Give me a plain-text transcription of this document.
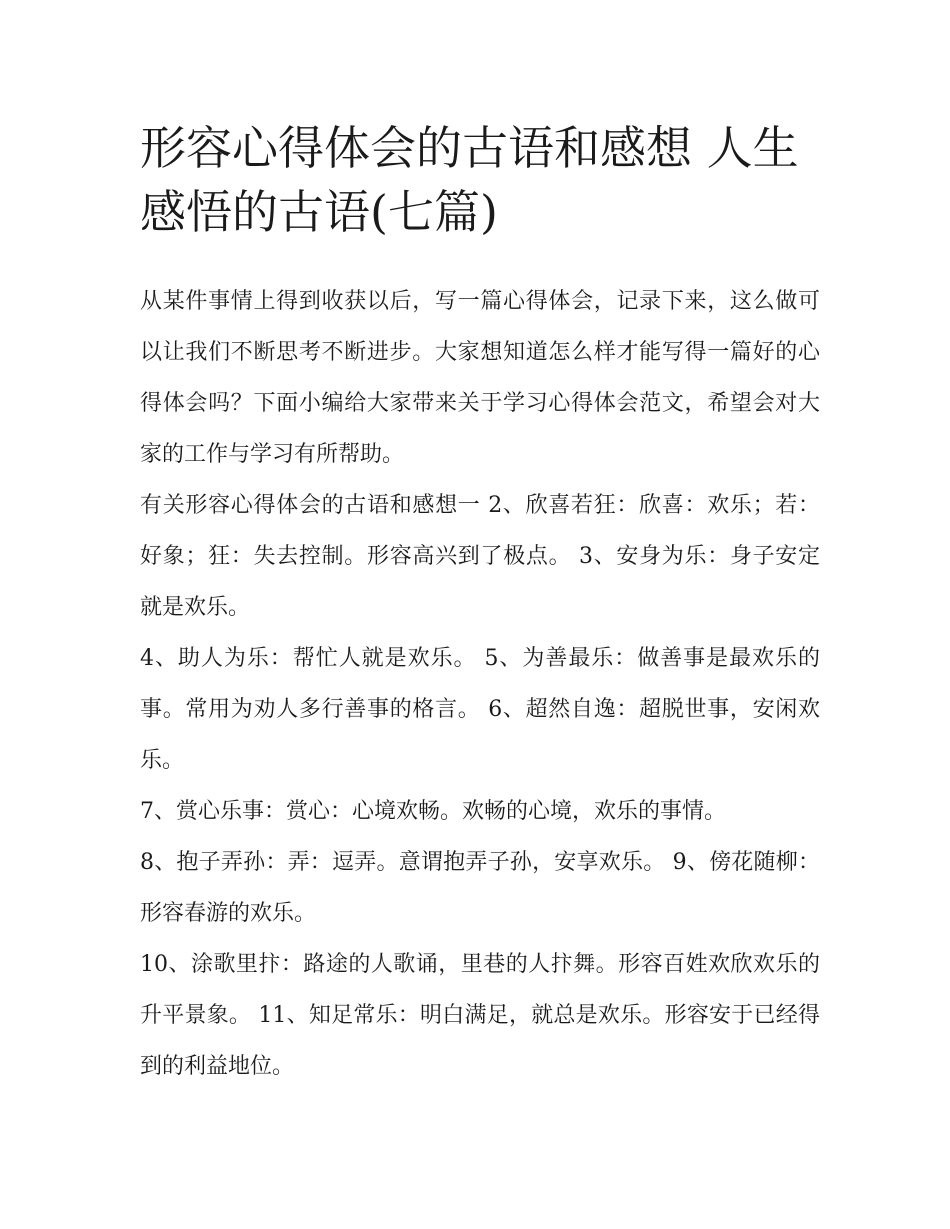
形容心得体会的古语和感想 人生感悟的古语(七篇)

从某件事情上得到收获以后，写一篇心得体会，记录下来，这么做可以让我们不断思考不断进步。大家想知道怎么样才能写得一篇好的心得体会吗？下面小编给大家带来关于学习心得体会范文，希望会对大家的工作与学习有所帮助。

有关形容心得体会的古语和感想一 2、欣喜若狂：欣喜：欢乐；若：好象；狂：失去控制。形容高兴到了极点。 3、安身为乐：身子安定就是欢乐。

4、助人为乐：帮忙人就是欢乐。 5、为善最乐：做善事是最欢乐的事。常用为劝人多行善事的格言。 6、超然自逸：超脱世事，安闲欢乐。

7、赏心乐事：赏心：心境欢畅。欢畅的心境，欢乐的事情。

8、抱子弄孙：弄：逗弄。意谓抱弄子孙，安享欢乐。 9、傍花随柳：形容春游的欢乐。

10、涂歌里抃：路途的人歌诵，里巷的人抃舞。形容百姓欢欣欢乐的升平景象。 11、知足常乐：明白满足，就总是欢乐。形容安于已经得到的利益地位。
